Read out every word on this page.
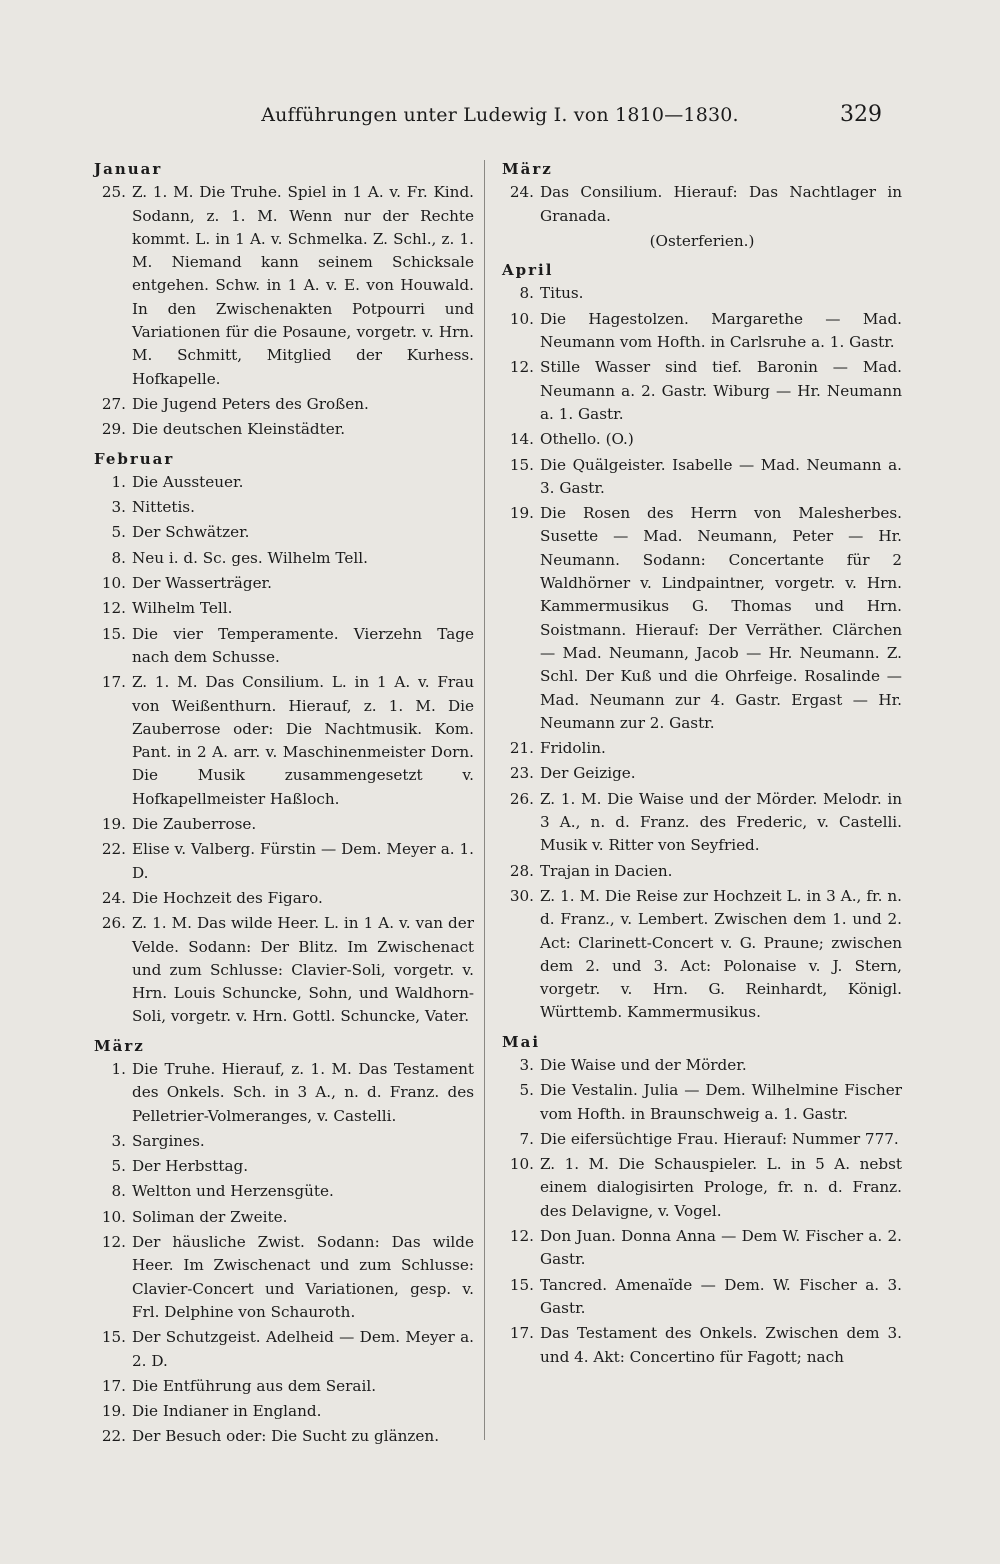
Aufführungen unter Ludewig I. von 1810—1830.	329
Januar
25. Z. 1. M. Die Truhe. Spiel in 1 A. v. Fr. Kind. Sodann, z. 1. M. Wenn nur der Rechte kommt. L. in 1 A. v. Schmelka. Z. Schl., z. 1. M. Niemand kann seinem Schicksale entgehen. Schw. in 1 A. v. E. von Houwald. In den Zwischenakten Potpourri und Variationen für die Posaune, vorgetr. v. Hrn. M. Schmitt, Mitglied der Kurhess. Hofkapelle.
27. Die Jugend Peters des Großen.
29. Die deutschen Kleinstädter.
Februar
1. Die Aussteuer.
3. Nittetis.
5. Der Schwätzer.
8. Neu i. d. Sc. ges. Wilhelm Tell.
10. Der Wasserträger.
12. Wilhelm Tell.
15. Die vier Temperamente. Vierzehn Tage nach dem Schusse.
17. Z. 1. M. Das Consilium. L. in 1 A. v. Frau von Weißenthurn. Hierauf, z. 1. M. Die Zauberrose oder: Die Nachtmusik. Kom. Pant. in 2 A. arr. v. Maschinenmeister Dorn. Die Musik zusammengesetzt v. Hofkapellmeister Haßloch.
19. Die Zauberrose.
22. Elise v. Valberg. Fürstin — Dem. Meyer a. 1. D.
24. Die Hochzeit des Figaro.
26. Z. 1. M. Das wilde Heer. L. in 1 A. v. van der Velde. Sodann: Der Blitz. Im Zwischenact und zum Schlusse: Clavier-Soli, vorgetr. v. Hrn. Louis Schuncke, Sohn, und Waldhorn-Soli, vorgetr. v. Hrn. Gottl. Schuncke, Vater.
März
1. Die Truhe. Hierauf, z. 1. M. Das Testament des Onkels. Sch. in 3 A., n. d. Franz. des Pelletrier-Volmeranges, v. Castelli.
3. Sargines.
5. Der Herbsttag.
8. Weltton und Herzensgüte.
10. Soliman der Zweite.
12. Der häusliche Zwist. Sodann: Das wilde Heer. Im Zwischenact und zum Schlusse: Clavier-Concert und Variationen, gesp. v. Frl. Delphine von Schauroth.
15. Der Schutzgeist. Adelheid — Dem. Meyer a. 2. D.
17. Die Entführung aus dem Serail.
19. Die Indianer in England.
22. Der Besuch oder: Die Sucht zu glänzen.
März
24. Das Consilium. Hierauf: Das Nachtlager in Granada.
(Osterferien.)
April
8. Titus.
10. Die Hagestolzen. Margarethe — Mad. Neumann vom Hofth. in Carlsruhe a. 1. Gastr.
12. Stille Wasser sind tief. Baronin — Mad. Neumann a. 2. Gastr. Wiburg — Hr. Neumann a. 1. Gastr.
14. Othello. (O.)
15. Die Quälgeister. Isabelle — Mad. Neumann a. 3. Gastr.
19. Die Rosen des Herrn von Malesherbes. Susette — Mad. Neumann, Peter — Hr. Neumann. Sodann: Concertante für 2 Waldhörner v. Lindpaintner, vorgetr. v. Hrn. Kammermusikus G. Thomas und Hrn. Soistmann. Hierauf: Der Verräther. Clärchen — Mad. Neumann, Jacob — Hr. Neumann. Z. Schl. Der Kuß und die Ohrfeige. Rosalinde — Mad. Neumann zur 4. Gastr. Ergast — Hr. Neumann zur 2. Gastr.
21. Fridolin.
23. Der Geizige.
26. Z. 1. M. Die Waise und der Mörder. Melodr. in 3 A., n. d. Franz. des Frederic, v. Castelli. Musik v. Ritter von Seyfried.
28. Trajan in Dacien.
30. Z. 1. M. Die Reise zur Hochzeit L. in 3 A., fr. n. d. Franz., v. Lembert. Zwischen dem 1. und 2. Act: Clarinett-Concert v. G. Praune; zwischen dem 2. und 3. Act: Polonaise v. J. Stern, vorgetr. v. Hrn. G. Reinhardt, Königl. Württemb. Kammermusikus.
Mai
3. Die Waise und der Mörder.
5. Die Vestalin. Julia — Dem. Wilhelmine Fischer vom Hofth. in Braunschweig a. 1. Gastr.
7. Die eifersüchtige Frau. Hierauf: Nummer 777.
10. Z. 1. M. Die Schauspieler. L. in 5 A. nebst einem dialogisirten Prologe, fr. n. d. Franz. des Delavigne, v. Vogel.
12. Don Juan. Donna Anna — Dem W. Fischer a. 2. Gastr.
15. Tancred. Amenaïde — Dem. W. Fischer a. 3. Gastr.
17. Das Testament des Onkels. Zwischen dem 3. und 4. Akt: Concertino für Fagott; nach
